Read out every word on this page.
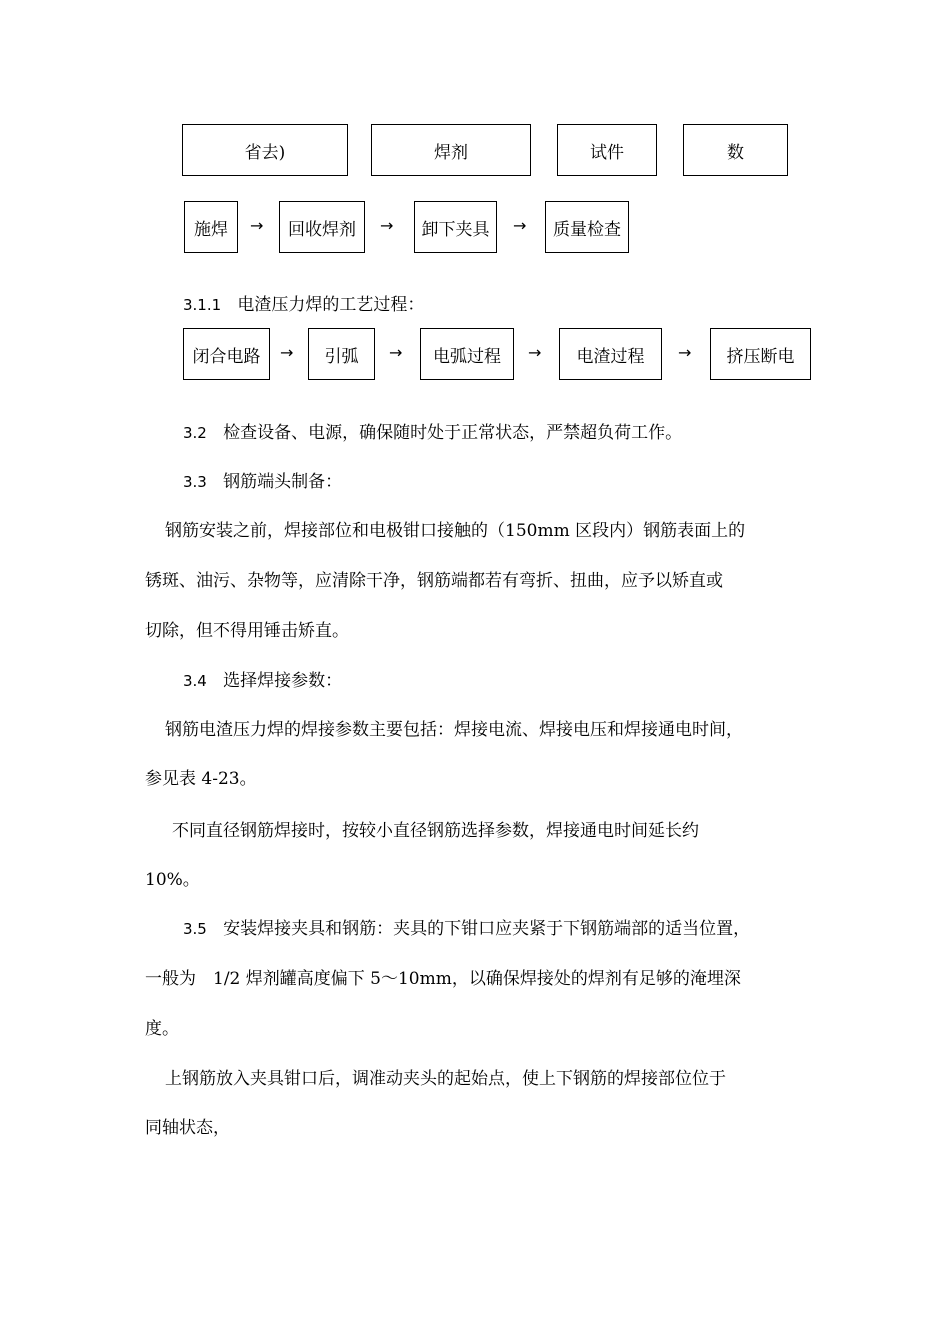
省去)	焊剂	试件	数
施焊 → 回收焊剂 → 卸下夹具 → 质量检查
3.1.1 电渣压力焊的工艺过程：
闭合电路 → 引弧 → 电弧过程 → 电渣过程 → 挤压断电
3.2 检查设备、电源，确保随时处于正常状态，严禁超负荷工作。
3.3 钢筋端头制备：
钢筋安装之前，焊接部位和电极钳口接触的（150mm 区段内）钢筋表面上的
锈斑、油污、杂物等，应清除干净，钢筋端都若有弯折、扭曲，应予以矫直或
切除，但不得用锤击矫直。
3.4 选择焊接参数：
钢筋电渣压力焊的焊接参数主要包括：焊接电流、焊接电压和焊接通电时间，
参见表 4-23。
不同直径钢筋焊接时，按较小直径钢筋选择参数，焊接通电时间延长约
10%。
3.5 安装焊接夹具和钢筋：夹具的下钳口应夹紧于下钢筋端部的适当位置，
一般为　1/2 焊剂罐高度偏下 5～10mm，以确保焊接处的焊剂有足够的淹埋深
度。
上钢筋放入夹具钳口后，调准动夹头的起始点，使上下钢筋的焊接部位位于
同轴状态，
